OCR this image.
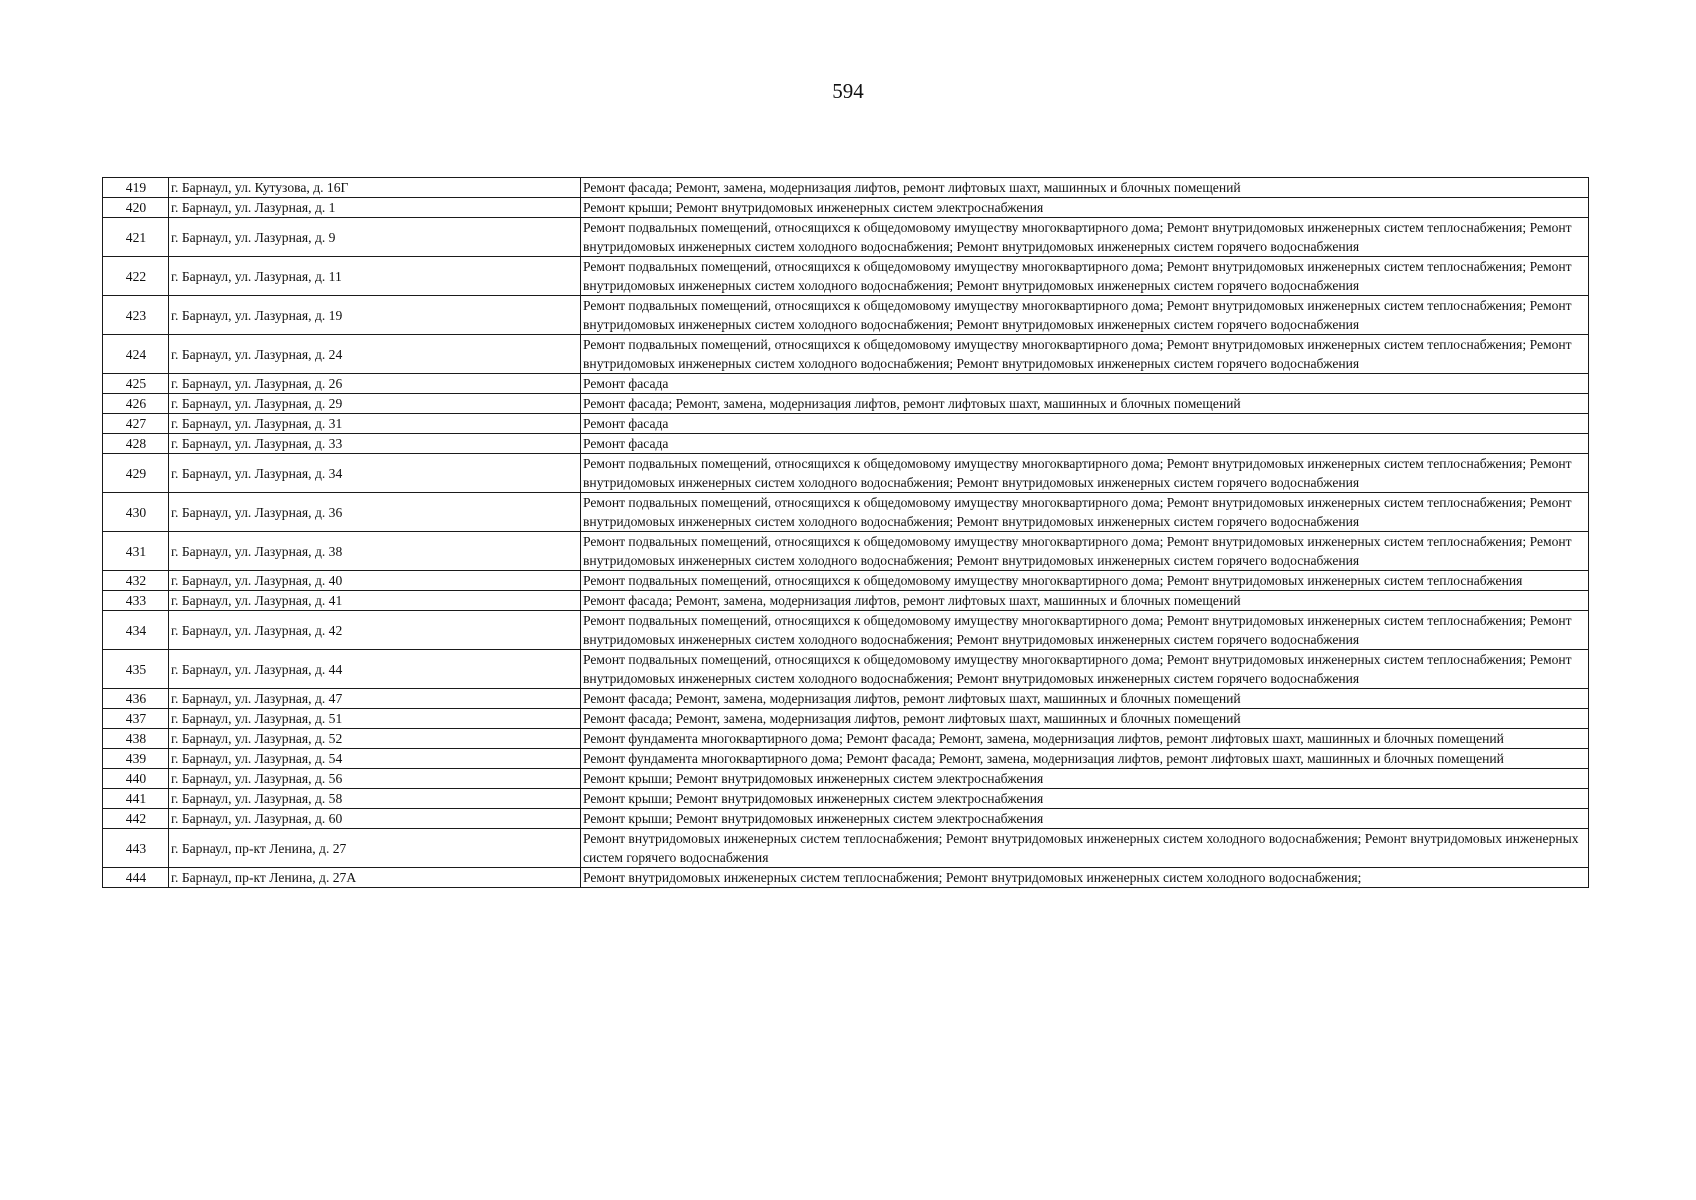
594
419	г. Барнаул, ул. Кутузова, д. 16Г	Ремонт фасада; Ремонт, замена, модернизация лифтов, ремонт лифтовых шахт, машинных и блочных помещений
420	г. Барнаул, ул. Лазурная, д. 1	Ремонт крыши; Ремонт внутридомовых инженерных систем электроснабжения
421	г. Барнаул, ул. Лазурная, д. 9	Ремонт подвальных помещений, относящихся к общедомовому имуществу многоквартирного дома; Ремонт внутридомовых инженерных систем теплоснабжения; Ремонт внутридомовых инженерных систем холодного водоснабжения; Ремонт внутридомовых инженерных систем горячего водоснабжения
422	г. Барнаул, ул. Лазурная, д. 11	Ремонт подвальных помещений, относящихся к общедомовому имуществу многоквартирного дома; Ремонт внутридомовых инженерных систем теплоснабжения; Ремонт внутридомовых инженерных систем холодного водоснабжения; Ремонт внутридомовых инженерных систем горячего водоснабжения
423	г. Барнаул, ул. Лазурная, д. 19	Ремонт подвальных помещений, относящихся к общедомовому имуществу многоквартирного дома; Ремонт внутридомовых инженерных систем теплоснабжения; Ремонт внутридомовых инженерных систем холодного водоснабжения; Ремонт внутридомовых инженерных систем горячего водоснабжения
424	г. Барнаул, ул. Лазурная, д. 24	Ремонт подвальных помещений, относящихся к общедомовому имуществу многоквартирного дома; Ремонт внутридомовых инженерных систем теплоснабжения; Ремонт внутридомовых инженерных систем холодного водоснабжения; Ремонт внутридомовых инженерных систем горячего водоснабжения
425	г. Барнаул, ул. Лазурная, д. 26	Ремонт фасада
426	г. Барнаул, ул. Лазурная, д. 29	Ремонт фасада; Ремонт, замена, модернизация лифтов, ремонт лифтовых шахт, машинных и блочных помещений
427	г. Барнаул, ул. Лазурная, д. 31	Ремонт фасада
428	г. Барнаул, ул. Лазурная, д. 33	Ремонт фасада
429	г. Барнаул, ул. Лазурная, д. 34	Ремонт подвальных помещений, относящихся к общедомовому имуществу многоквартирного дома; Ремонт внутридомовых инженерных систем теплоснабжения; Ремонт внутридомовых инженерных систем холодного водоснабжения; Ремонт внутридомовых инженерных систем горячего водоснабжения
430	г. Барнаул, ул. Лазурная, д. 36	Ремонт подвальных помещений, относящихся к общедомовому имуществу многоквартирного дома; Ремонт внутридомовых инженерных систем теплоснабжения; Ремонт внутридомовых инженерных систем холодного водоснабжения; Ремонт внутридомовых инженерных систем горячего водоснабжения
431	г. Барнаул, ул. Лазурная, д. 38	Ремонт подвальных помещений, относящихся к общедомовому имуществу многоквартирного дома; Ремонт внутридомовых инженерных систем теплоснабжения; Ремонт внутридомовых инженерных систем холодного водоснабжения; Ремонт внутридомовых инженерных систем горячего водоснабжения
432	г. Барнаул, ул. Лазурная, д. 40	Ремонт подвальных помещений, относящихся к общедомовому имуществу многоквартирного дома; Ремонт внутридомовых инженерных систем теплоснабжения
433	г. Барнаул, ул. Лазурная, д. 41	Ремонт фасада; Ремонт, замена, модернизация лифтов, ремонт лифтовых шахт, машинных и блочных помещений
434	г. Барнаул, ул. Лазурная, д. 42	Ремонт подвальных помещений, относящихся к общедомовому имуществу многоквартирного дома; Ремонт внутридомовых инженерных систем теплоснабжения; Ремонт внутридомовых инженерных систем холодного водоснабжения; Ремонт внутридомовых инженерных систем горячего водоснабжения
435	г. Барнаул, ул. Лазурная, д. 44	Ремонт подвальных помещений, относящихся к общедомовому имуществу многоквартирного дома; Ремонт внутридомовых инженерных систем теплоснабжения; Ремонт внутридомовых инженерных систем холодного водоснабжения; Ремонт внутридомовых инженерных систем горячего водоснабжения
436	г. Барнаул, ул. Лазурная, д. 47	Ремонт фасада; Ремонт, замена, модернизация лифтов, ремонт лифтовых шахт, машинных и блочных помещений
437	г. Барнаул, ул. Лазурная, д. 51	Ремонт фасада; Ремонт, замена, модернизация лифтов, ремонт лифтовых шахт, машинных и блочных помещений
438	г. Барнаул, ул. Лазурная, д. 52	Ремонт фундамента многоквартирного дома; Ремонт фасада; Ремонт, замена, модернизация лифтов, ремонт лифтовых шахт, машинных и блочных помещений
439	г. Барнаул, ул. Лазурная, д. 54	Ремонт фундамента многоквартирного дома; Ремонт фасада; Ремонт, замена, модернизация лифтов, ремонт лифтовых шахт, машинных и блочных помещений
440	г. Барнаул, ул. Лазурная, д. 56	Ремонт крыши; Ремонт внутридомовых инженерных систем электроснабжения
441	г. Барнаул, ул. Лазурная, д. 58	Ремонт крыши; Ремонт внутридомовых инженерных систем электроснабжения
442	г. Барнаул, ул. Лазурная, д. 60	Ремонт крыши; Ремонт внутридомовых инженерных систем электроснабжения
443	г. Барнаул, пр-кт Ленина, д. 27	Ремонт внутридомовых инженерных систем теплоснабжения; Ремонт внутридомовых инженерных систем холодного водоснабжения; Ремонт внутридомовых инженерных систем горячего водоснабжения
444	г. Барнаул, пр-кт Ленина, д. 27А	Ремонт внутридомовых инженерных систем теплоснабжения; Ремонт внутридомовых инженерных систем холодного водоснабжения;
